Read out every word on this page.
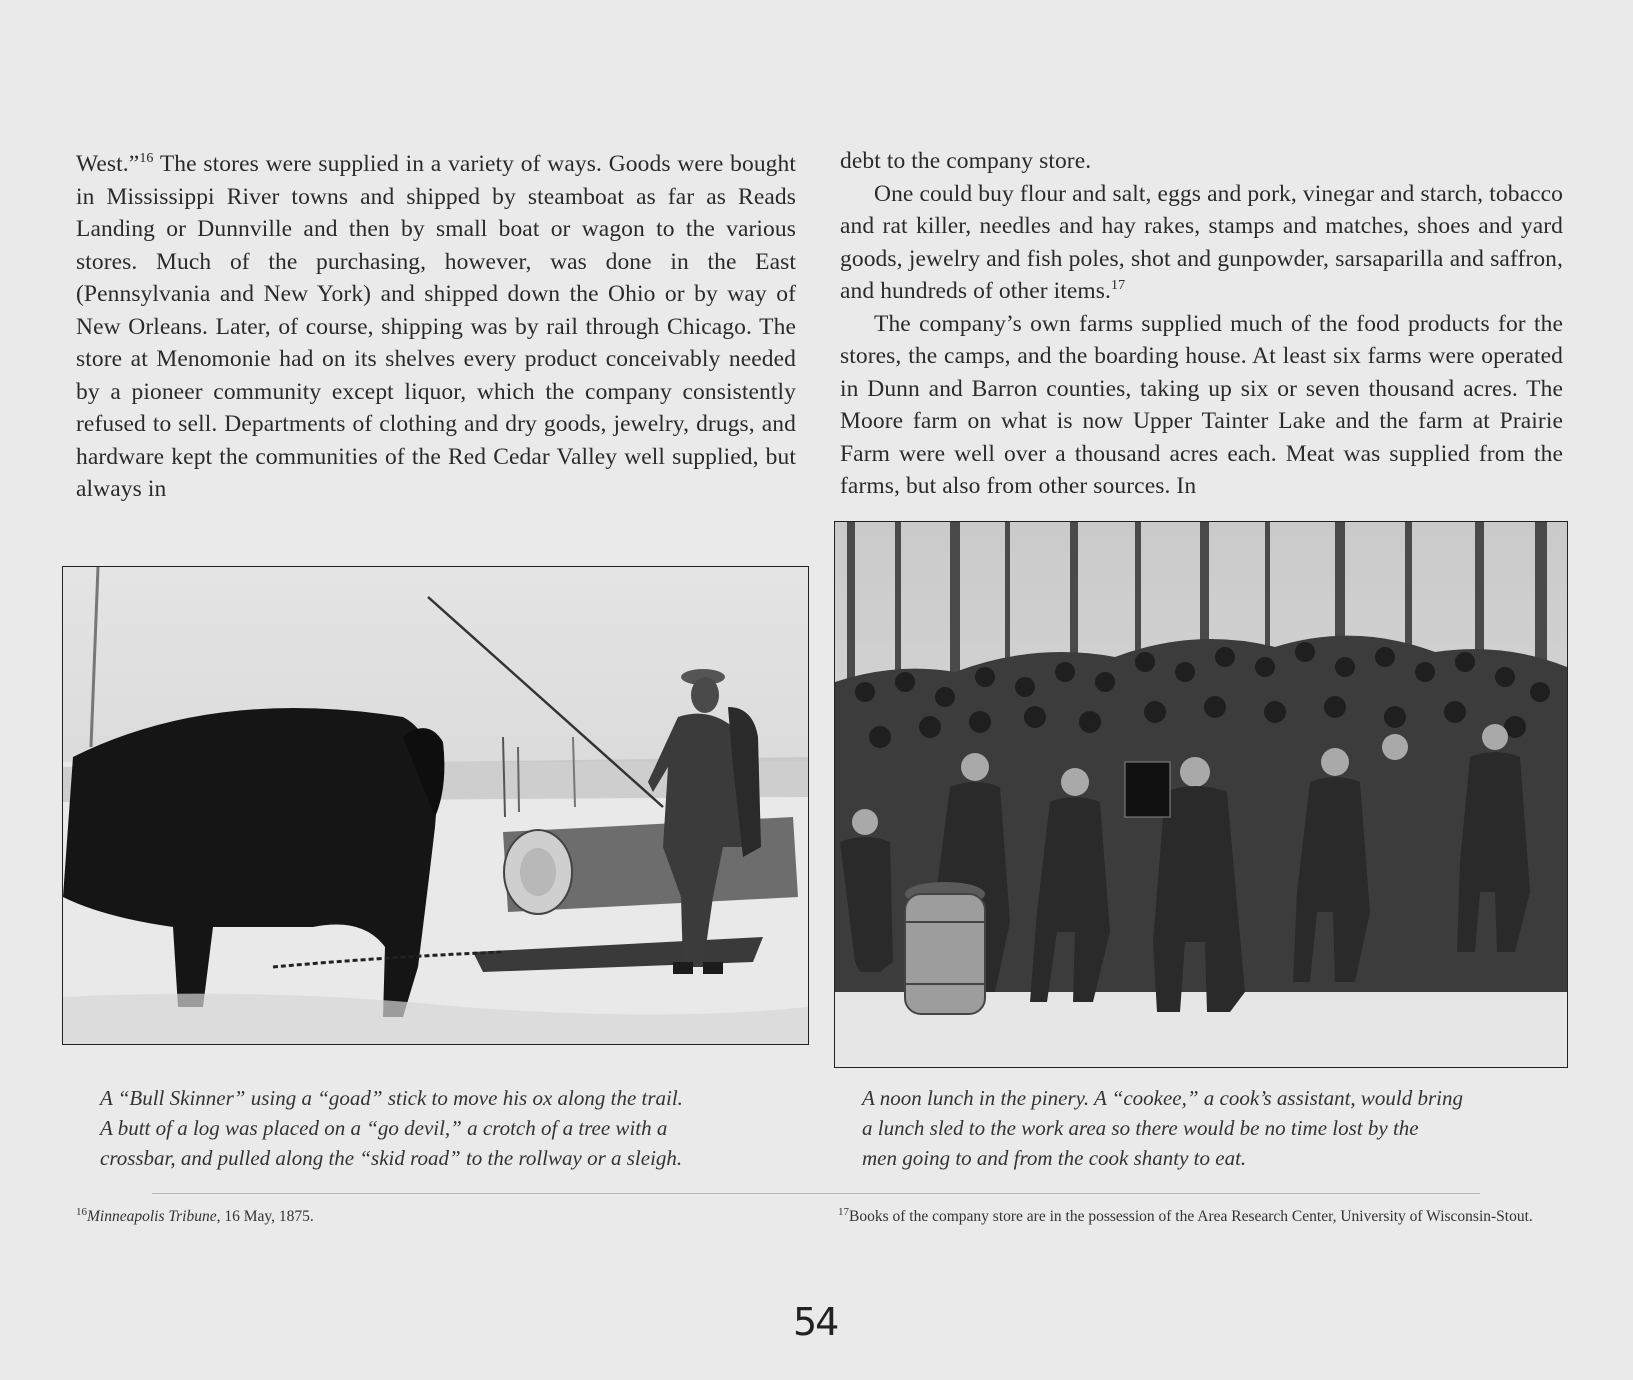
West.”$^{16}$ The stores were supplied in a variety of ways. Goods were bought in Mississippi River towns and shipped by steamboat as far as Reads Landing or Dunnville and then by small boat or wagon to the various stores. Much of the purchasing, however, was done in the East (Pennsylvania and New York) and shipped down the Ohio or by way of New Orleans. Later, of course, shipping was by rail through Chicago. The store at Menomonie had on its shelves every product conceivably needed by a pioneer community except liquor, which the company consistently refused to sell. Departments of clothing and dry goods, jewelry, drugs, and hardware kept the communities of the Red Cedar Valley well supplied, but always in

debt to the company store.

One could buy flour and salt, eggs and pork, vinegar and starch, tobacco and rat killer, needles and hay rakes, stamps and matches, shoes and yard goods, jewelry and fish poles, shot and gunpowder, sarsaparilla and saffron, and hundreds of other items.$^{17}$

The company’s own farms supplied much of the food products for the stores, the camps, and the boarding house. At least six farms were operated in Dunn and Barron counties, taking up six or seven thousand acres. The Moore farm on what is now Upper Tainter Lake and the farm at Prairie Farm were well over a thousand acres each. Meat was supplied from the farms, but also from other sources. In

A “Bull Skinner” using a “goad” stick to move his ox along the trail.
A butt of a log was placed on a “go devil,” a crotch of a tree with a
crossbar, and pulled along the “skid road” to the rollway or a sleigh.
A noon lunch in the pinery. A “cookee,” a cook’s assistant, would bring
a lunch sled to the work area so there would be no time lost by the
men going to and from the cook shanty to eat.
$^{16}$Minneapolis Tribune, 16 May, 1875.	$^{17}$Books of the company store are in the possession of the Area Research Center, University of Wisconsin-Stout.
54
